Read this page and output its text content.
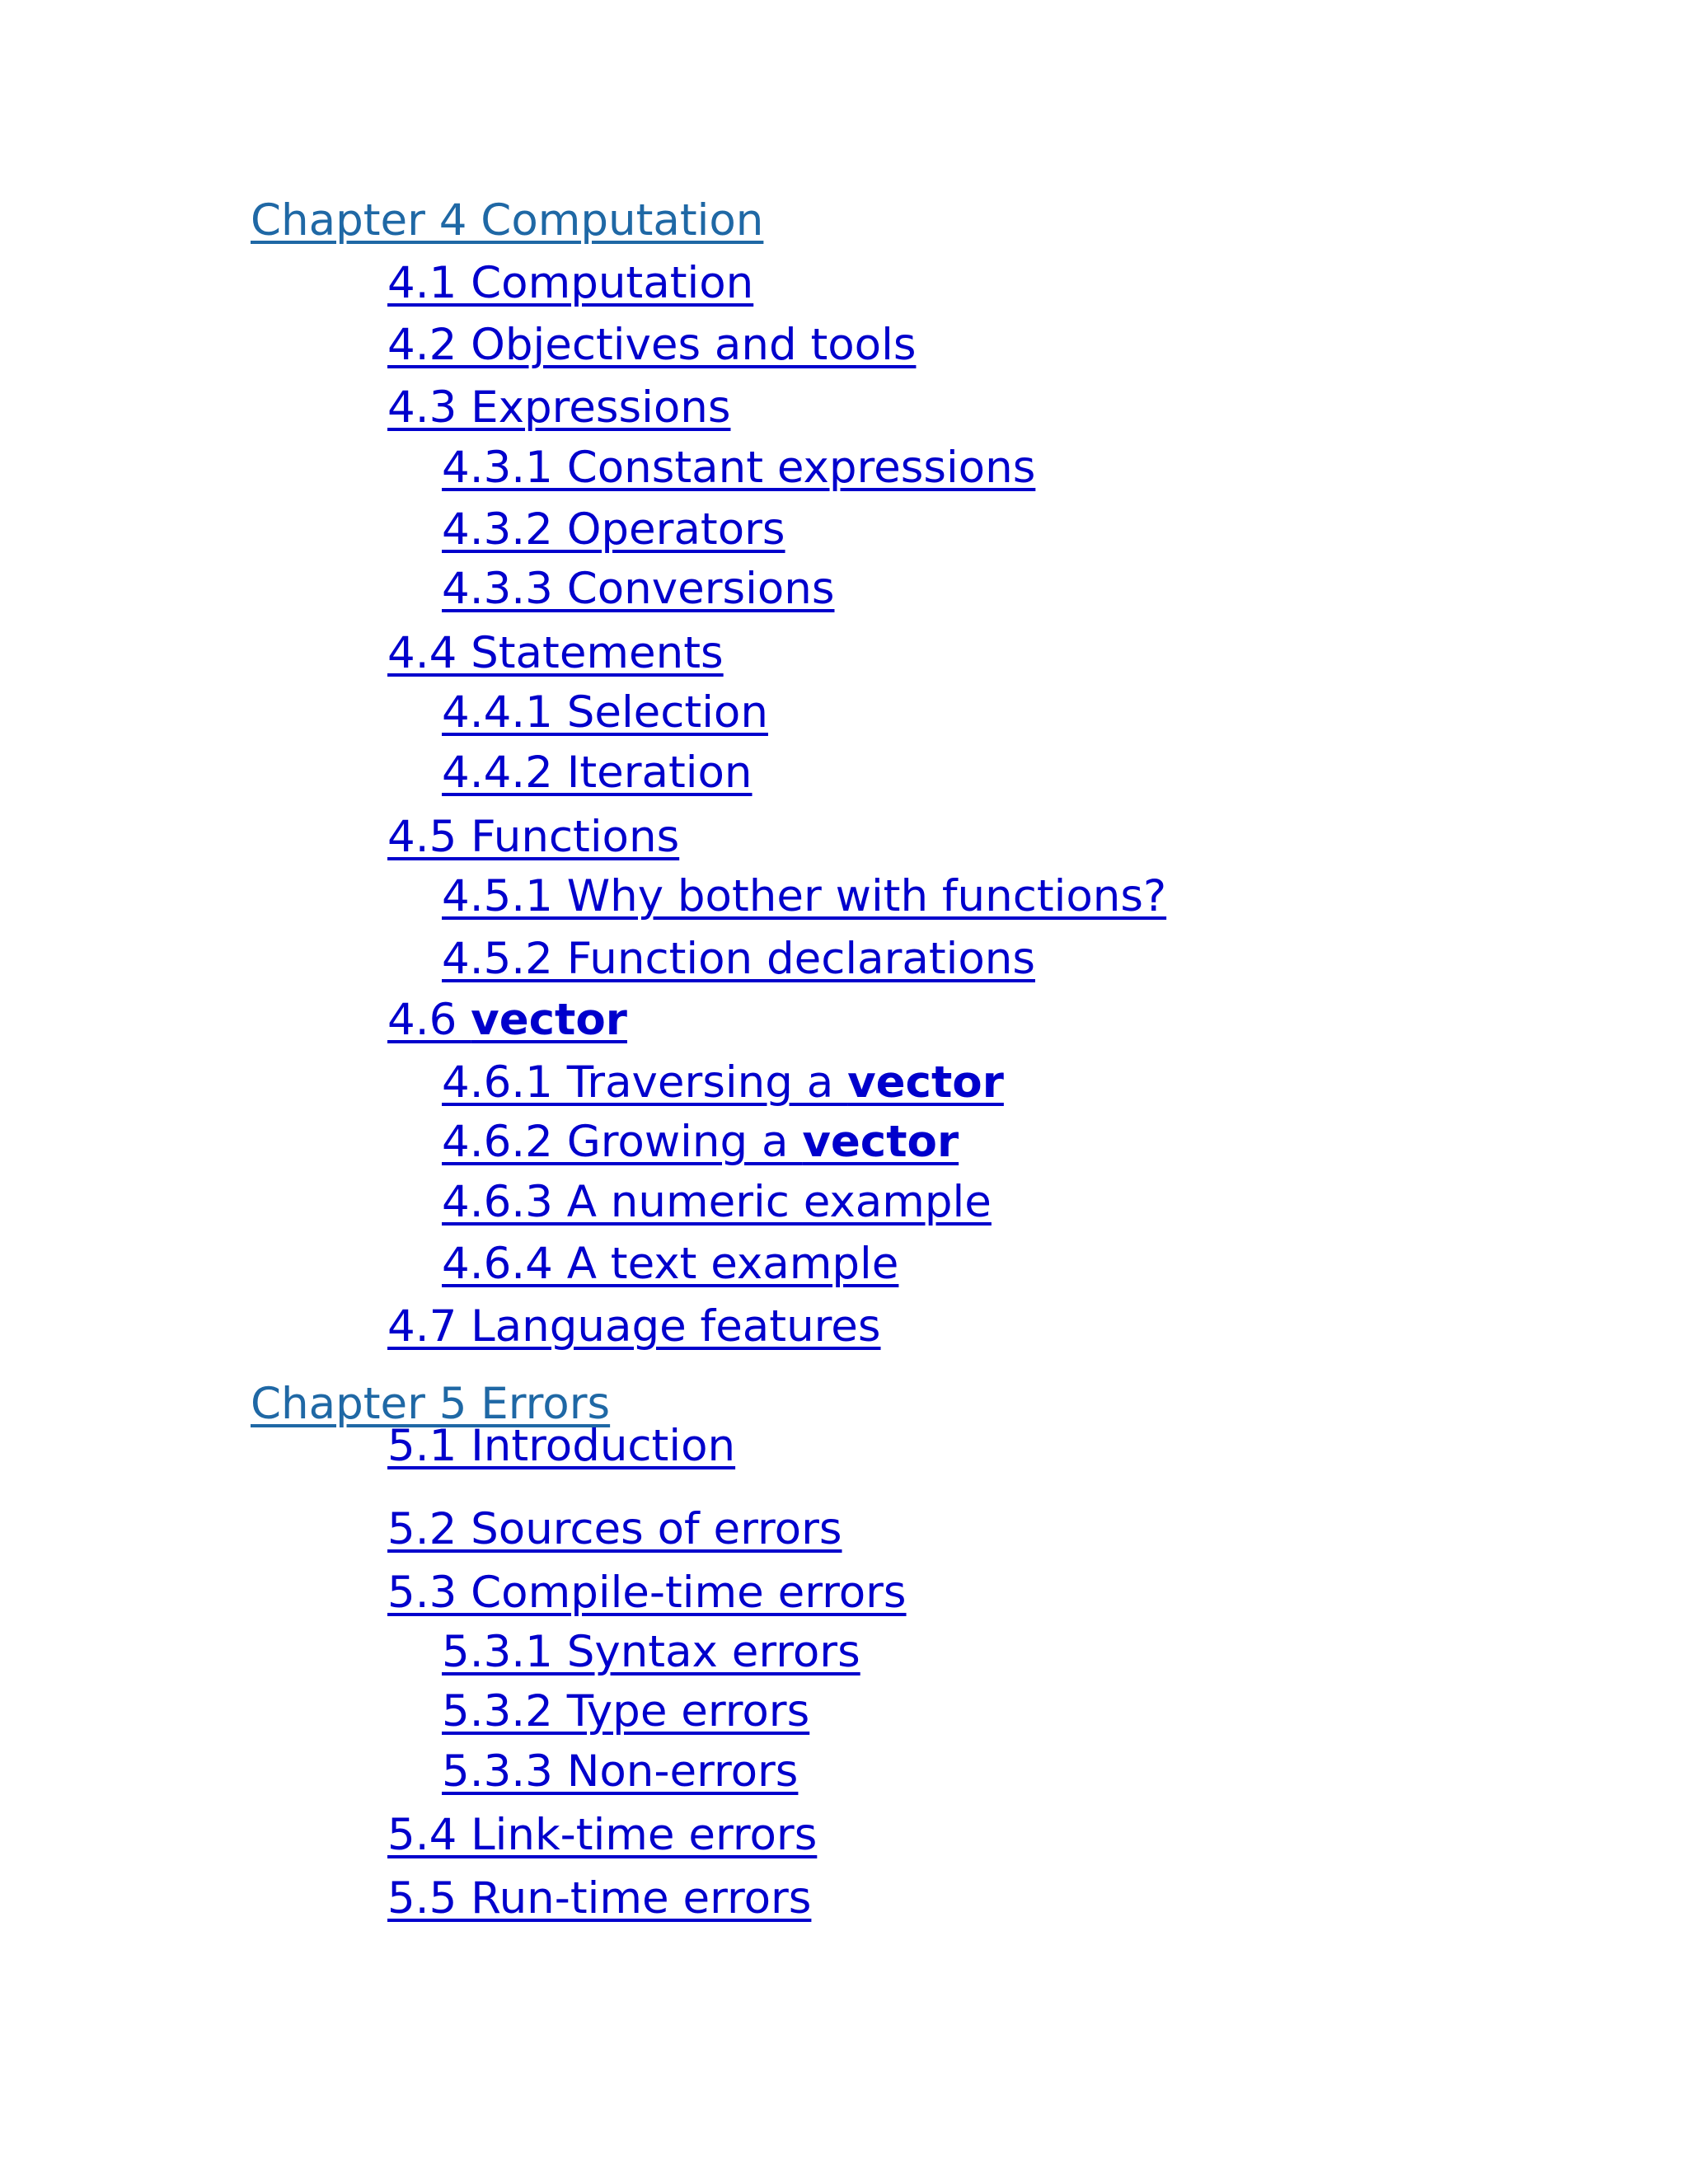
Chapter 4 Computation
4.1 Computation
4.2 Objectives and tools
4.3 Expressions
4.3.1 Constant expressions
4.3.2 Operators
4.3.3 Conversions
4.4 Statements
4.4.1 Selection
4.4.2 Iteration
4.5 Functions
4.5.1 Why bother with functions?
4.5.2 Function declarations
4.6 vector
4.6.1 Traversing a vector
4.6.2 Growing a vector
4.6.3 A numeric example
4.6.4 A text example
4.7 Language features
Chapter 5 Errors
5.1 Introduction
5.2 Sources of errors
5.3 Compile-time errors
5.3.1 Syntax errors
5.3.2 Type errors
5.3.3 Non-errors
5.4 Link-time errors
5.5 Run-time errors
